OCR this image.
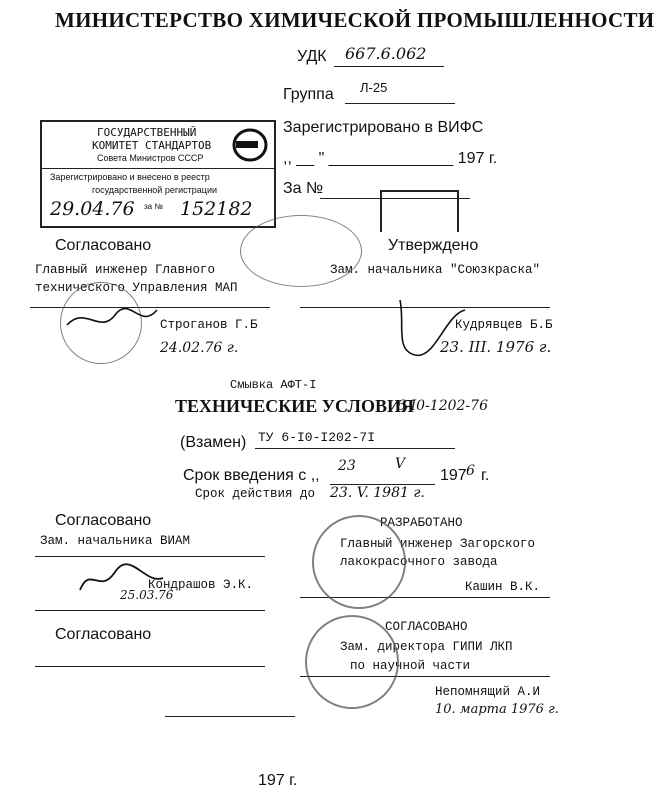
МИНИСТЕРСТВО ХИМИЧЕСКОЙ ПРОМЫШЛЕННОСТИ
УДК 667.6.062
Группа Л-25
Зарегистрировано в ВИФС
,, __ " ______________ 197 г.
За №
ГОСУДАРСТВЕННЫЙ
КОМИТЕТ СТАНДАРТОВ
Совета Министров СССР
Зарегистрировано и внесено в реестр
государственной регистрации
29.04.76 за № 152182
Согласовано
Главный инженер Главного
технического Управления МАП
Строганов Г.Б
24.02.76 г.
Утверждено
Зам. начальника "Союзкраска"
Кудрявцев Б.Б
23. III. 1976 г.
Смывка АФТ-I
ТЕХНИЧЕСКИЕ УСЛОВИЯ
6-I0-1202-76
(Взамен) ТУ 6-I0-I202-7I
Срок введения с ,,
23	V
197 6 г.
Срок действия до 23. V. 1981 г.
Согласовано
Зам. начальника ВИАМ
Кондрашов Э.К.
25.03.76
РАЗРАБОТАНО
Главный инженер Загорского
лакокрасочного завода
Кашин В.К.
Согласовано	СОГЛАСОВАНО
Зам. директора ГИПИ ЛКП
по научной части
Непомнящий А.И
10. марта 1976 г.
197 г.
